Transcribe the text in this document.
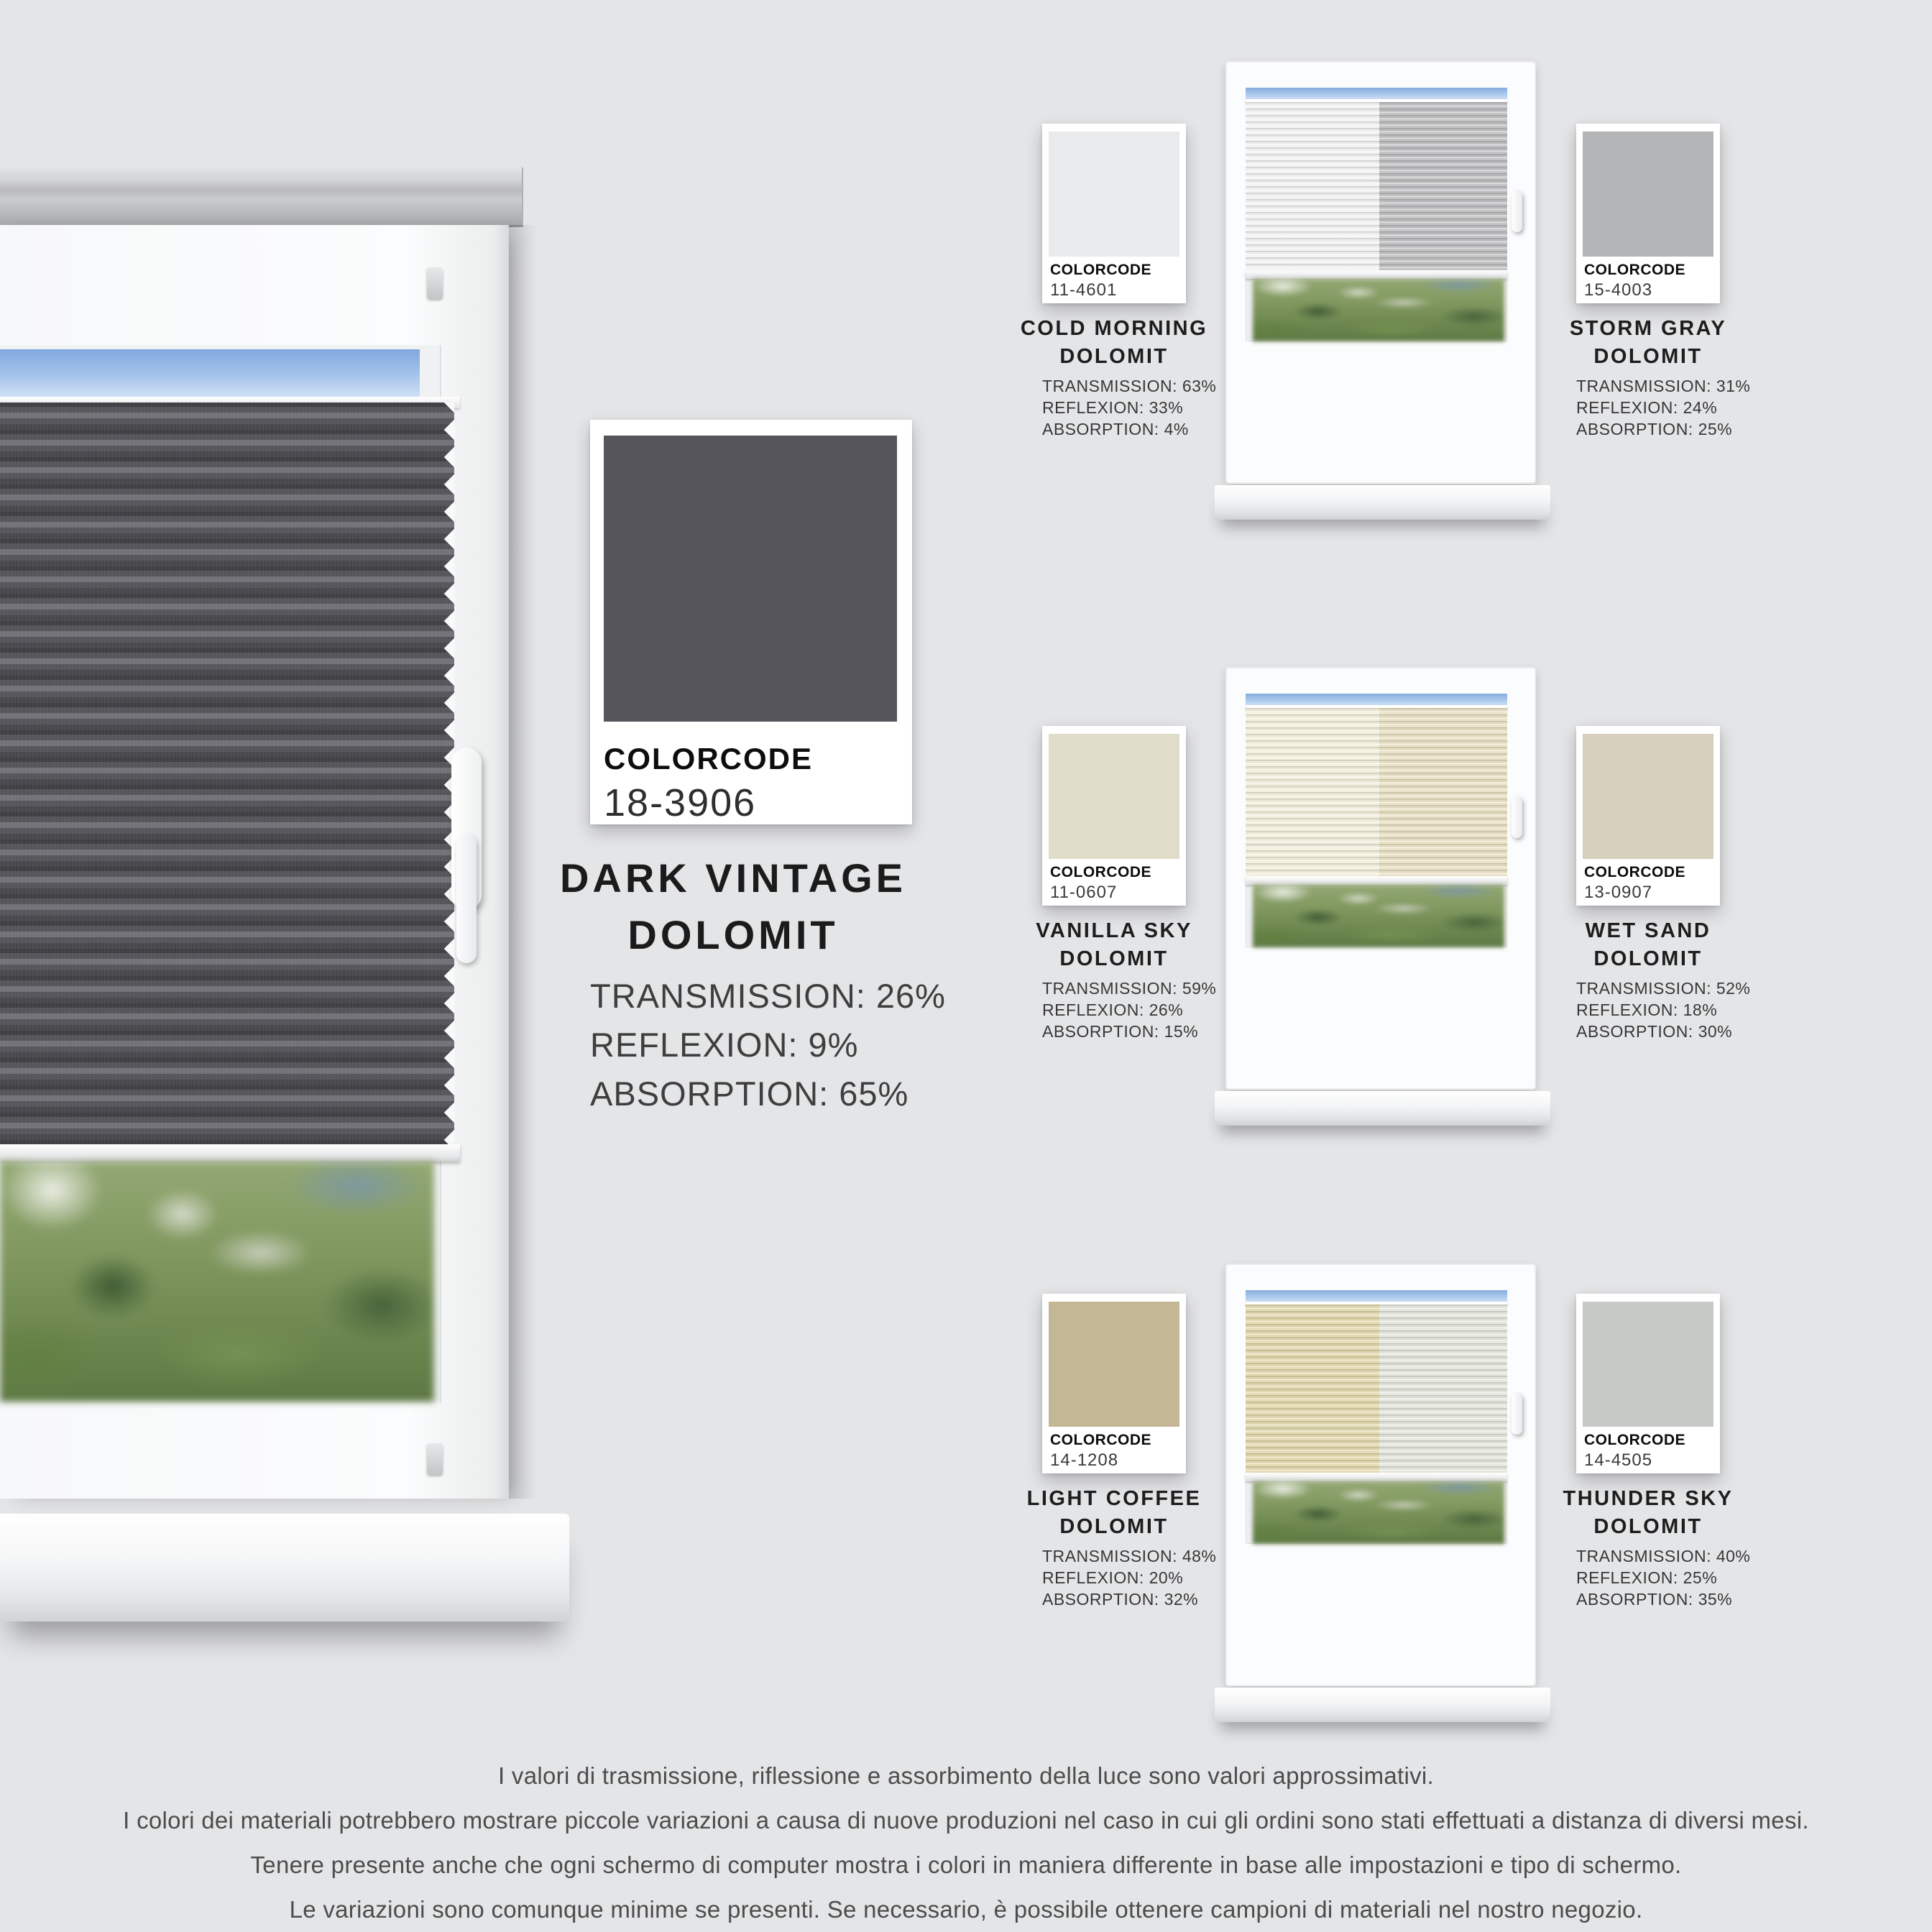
COLORCODE
18-3906
DARK VINTAGE
DOLOMIT
TRANSMISSION: 26%
REFLEXION: 9%
ABSORPTION: 65%
COLORCODE
11-4601
COLD MORNING
DOLOMIT
TRANSMISSION: 63%
REFLEXION: 33%
ABSORPTION: 4%
COLORCODE
15-4003
STORM GRAY
DOLOMIT
TRANSMISSION: 31%
REFLEXION: 24%
ABSORPTION: 25%
COLORCODE
11-0607
VANILLA SKY
DOLOMIT
TRANSMISSION: 59%
REFLEXION: 26%
ABSORPTION: 15%
COLORCODE
13-0907
WET SAND
DOLOMIT
TRANSMISSION: 52%
REFLEXION: 18%
ABSORPTION: 30%
COLORCODE
14-1208
LIGHT COFFEE
DOLOMIT
TRANSMISSION: 48%
REFLEXION: 20%
ABSORPTION: 32%
COLORCODE
14-4505
THUNDER SKY
DOLOMIT
TRANSMISSION: 40%
REFLEXION: 25%
ABSORPTION: 35%
I valori di trasmissione, riflessione e assorbimento della luce sono valori approssimativi.
I colori dei materiali potrebbero mostrare piccole variazioni a causa di nuove produzioni nel caso in cui gli ordini sono stati effettuati a distanza di diversi mesi.
Tenere presente anche che ogni schermo di computer mostra i colori in maniera differente in base alle impostazioni e tipo di schermo.
Le variazioni sono comunque minime se presenti. Se necessario, è possibile ottenere campioni di materiali nel nostro negozio.
